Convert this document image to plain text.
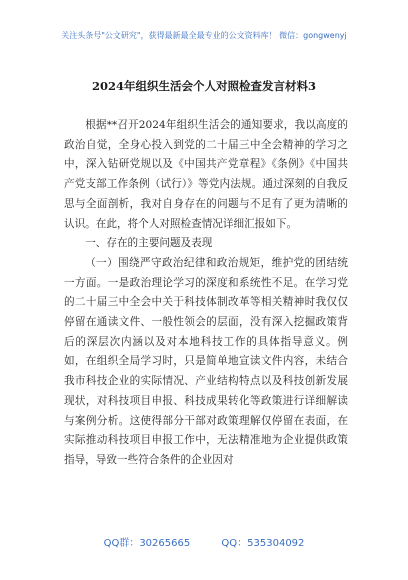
关注头条号"公文研究"，获得最新最全最专业的公文资料库！ 微信：gongwenyj
2024年组织生活会个人对照检查发言材料3

根据**召开2024年组织生活会的通知要求，我以高度的政治自觉，全身心投入到党的二十届三中全会精神的学习之中，深入钻研党规以及《中国共产党章程》《条例》《中国共产党支部工作条例（试行）》等党内法规。通过深刻的自我反思与全面剖析，我对自身存在的问题与不足有了更为清晰的认识。在此，将个人对照检查情况详细汇报如下。

一、存在的主要问题及表现

（一）围绕严守政治纪律和政治规矩，维护党的团结统一方面。一是政治理论学习的深度和系统性不足。在学习党的二十届三中全会中关于科技体制改革等相关精神时我仅仅停留在通读文件、一般性领会的层面，没有深入挖掘政策背后的深层次内涵以及对本地科技工作的具体指导意义。例如，在组织全局学习时，只是简单地宣读文件内容，未结合我市科技企业的实际情况、产业结构特点以及科技创新发展现状，对科技项目申报、科技成果转化等政策进行详细解读与案例分析。这使得部分干部对政策理解仅停留在表面，在实际推动科技项目申报工作中，无法精准地为企业提供政策指导，导致一些符合条件的企业因对

QQ群：30265665	QQ：535304092
